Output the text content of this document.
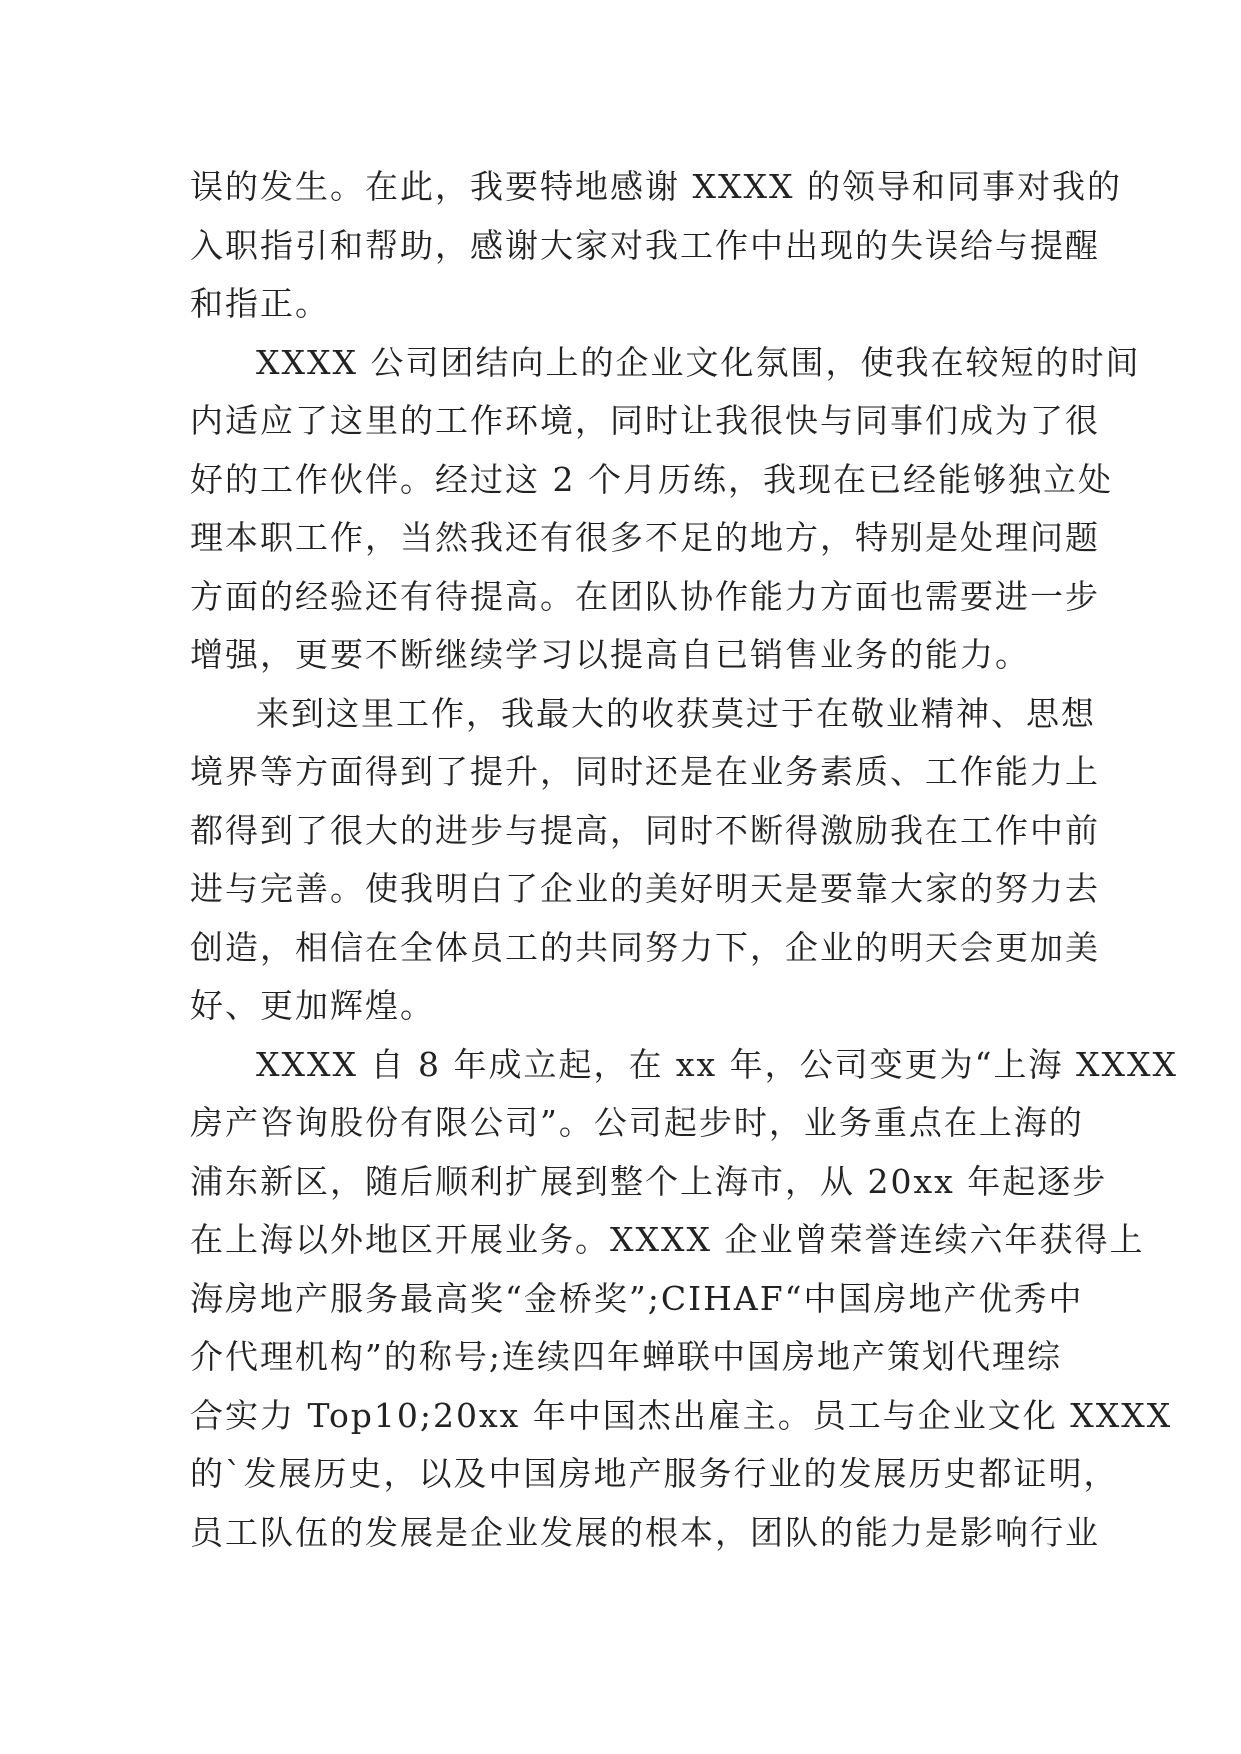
误的发生。在此，我要特地感谢 XXXX 的领导和同事对我的
入职指引和帮助，感谢大家对我工作中出现的失误给与提醒
和指正。
XXXX 公司团结向上的企业文化氛围，使我在较短的时间
内适应了这里的工作环境，同时让我很快与同事们成为了很
好的工作伙伴。经过这 2 个月历练，我现在已经能够独立处
理本职工作，当然我还有很多不足的地方，特别是处理问题
方面的经验还有待提高。在团队协作能力方面也需要进一步
增强，更要不断继续学习以提高自已销售业务的能力。
来到这里工作，我最大的收获莫过于在敬业精神、思想
境界等方面得到了提升，同时还是在业务素质、工作能力上
都得到了很大的进步与提高，同时不断得激励我在工作中前
进与完善。使我明白了企业的美好明天是要靠大家的努力去
创造，相信在全体员工的共同努力下，企业的明天会更加美
好、更加辉煌。
XXXX 自 8 年成立起，在 xx 年，公司变更为“上海 XXXX
房产咨询股份有限公司”。公司起步时，业务重点在上海的
浦东新区，随后顺利扩展到整个上海市，从 20xx 年起逐步
在上海以外地区开展业务。XXXX 企业曾荣誉连续六年获得上
海房地产服务最高奖“金桥奖”;CIHAF“中国房地产优秀中
介代理机构”的称号;连续四年蝉联中国房地产策划代理综
合实力 Top10;20xx 年中国杰出雇主。员工与企业文化 XXXX
的`发展历史，以及中国房地产服务行业的发展历史都证明，
员工队伍的发展是企业发展的根本，团队的能力是影响行业
